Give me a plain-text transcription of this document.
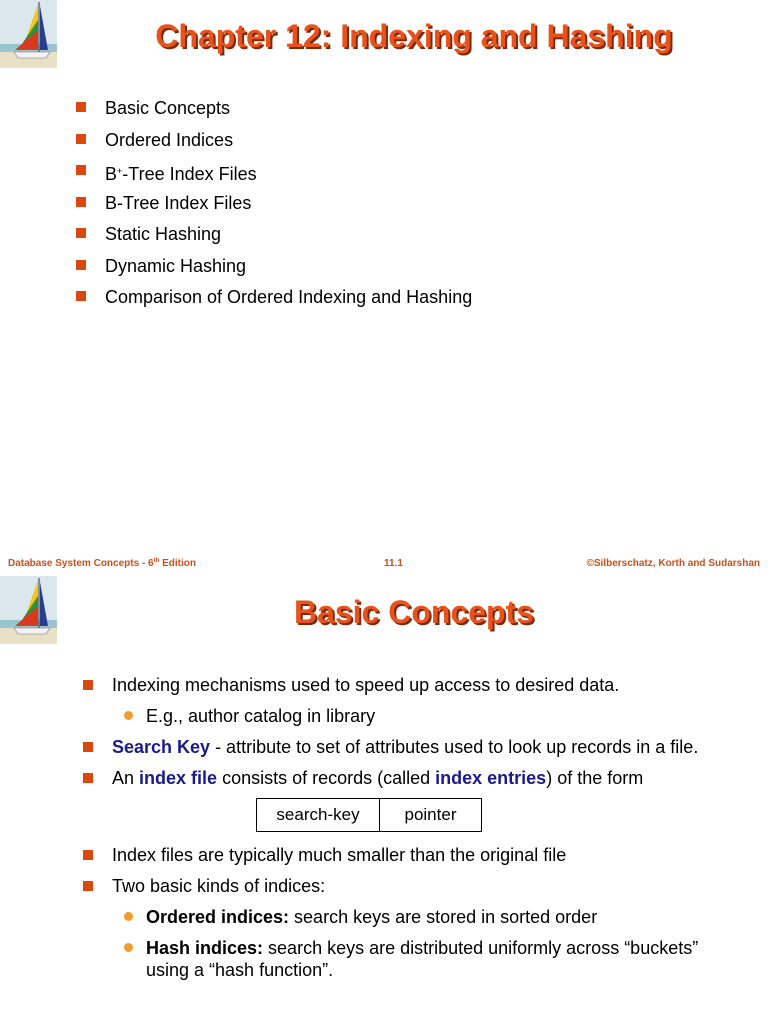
Chapter 12: Indexing and Hashing
Basic Concepts
Ordered Indices
B+-Tree Index Files
B-Tree Index Files
Static Hashing
Dynamic Hashing
Comparison of Ordered Indexing and Hashing
Database System Concepts - 6th Edition	11.1	©Silberschatz, Korth and Sudarshan
Basic Concepts
Indexing mechanisms used to speed up access to desired data.
E.g., author catalog in library
Search Key - attribute to set of attributes used to look up records in a file.
An index file consists of records (called index entries) of the form
search-key	pointer
Index files are typically much smaller than the original file
Two basic kinds of indices:
Ordered indices: search keys are stored in sorted order
Hash indices: search keys are distributed uniformly across “buckets” using a “hash function”.
